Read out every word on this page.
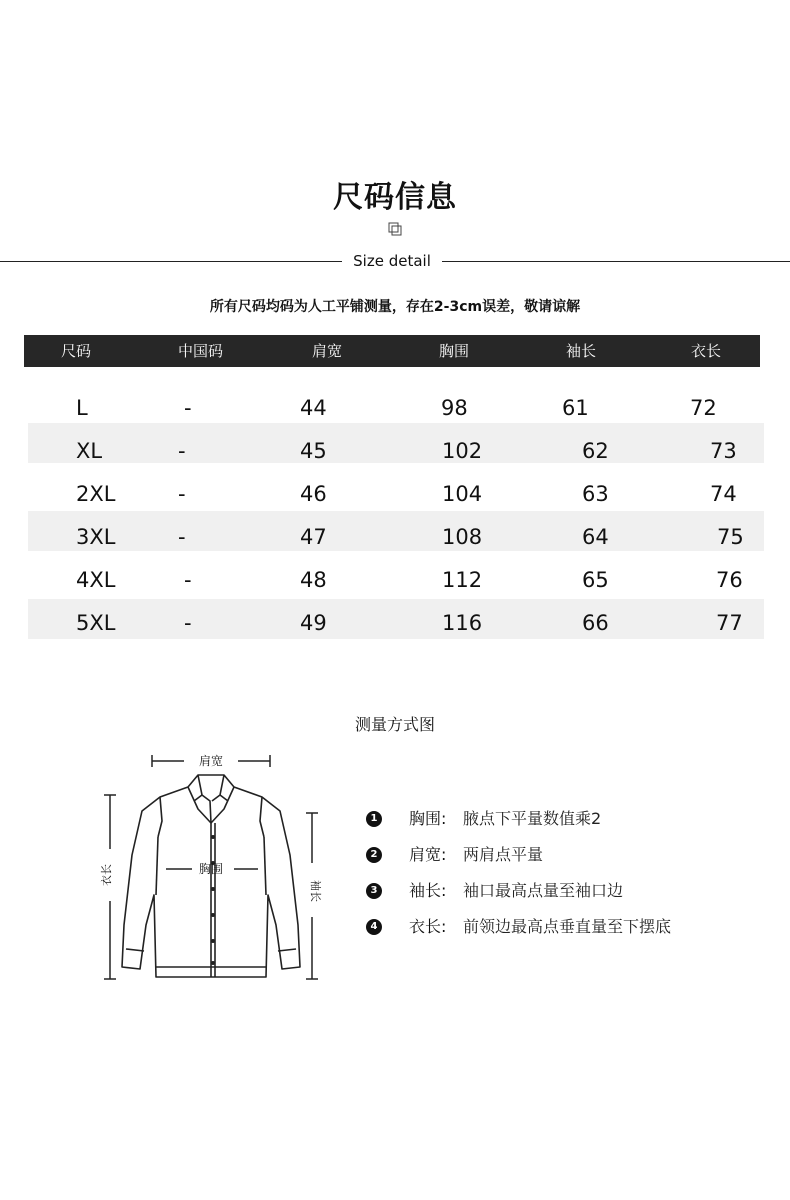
尺码信息
Size detail
所有尺码均码为人工平铺测量，存在2-3cm误差，敬请谅解
尺码	中国码	肩宽	胸围	袖长	衣长
L	-	44	98	61	72
XL	-	45	102	62	73
2XL	-	46	104	63	74
3XL	-	47	108	64	75
4XL	-	48	112	65	76
5XL	-	49	116	66	77
测量方式图
肩宽
衣长
袖长
胸围
1 胸围: 腋点下平量数值乘2
2 肩宽: 两肩点平量
3 袖长: 袖口最高点量至袖口边
4 衣长: 前领边最高点垂直量至下摆底
